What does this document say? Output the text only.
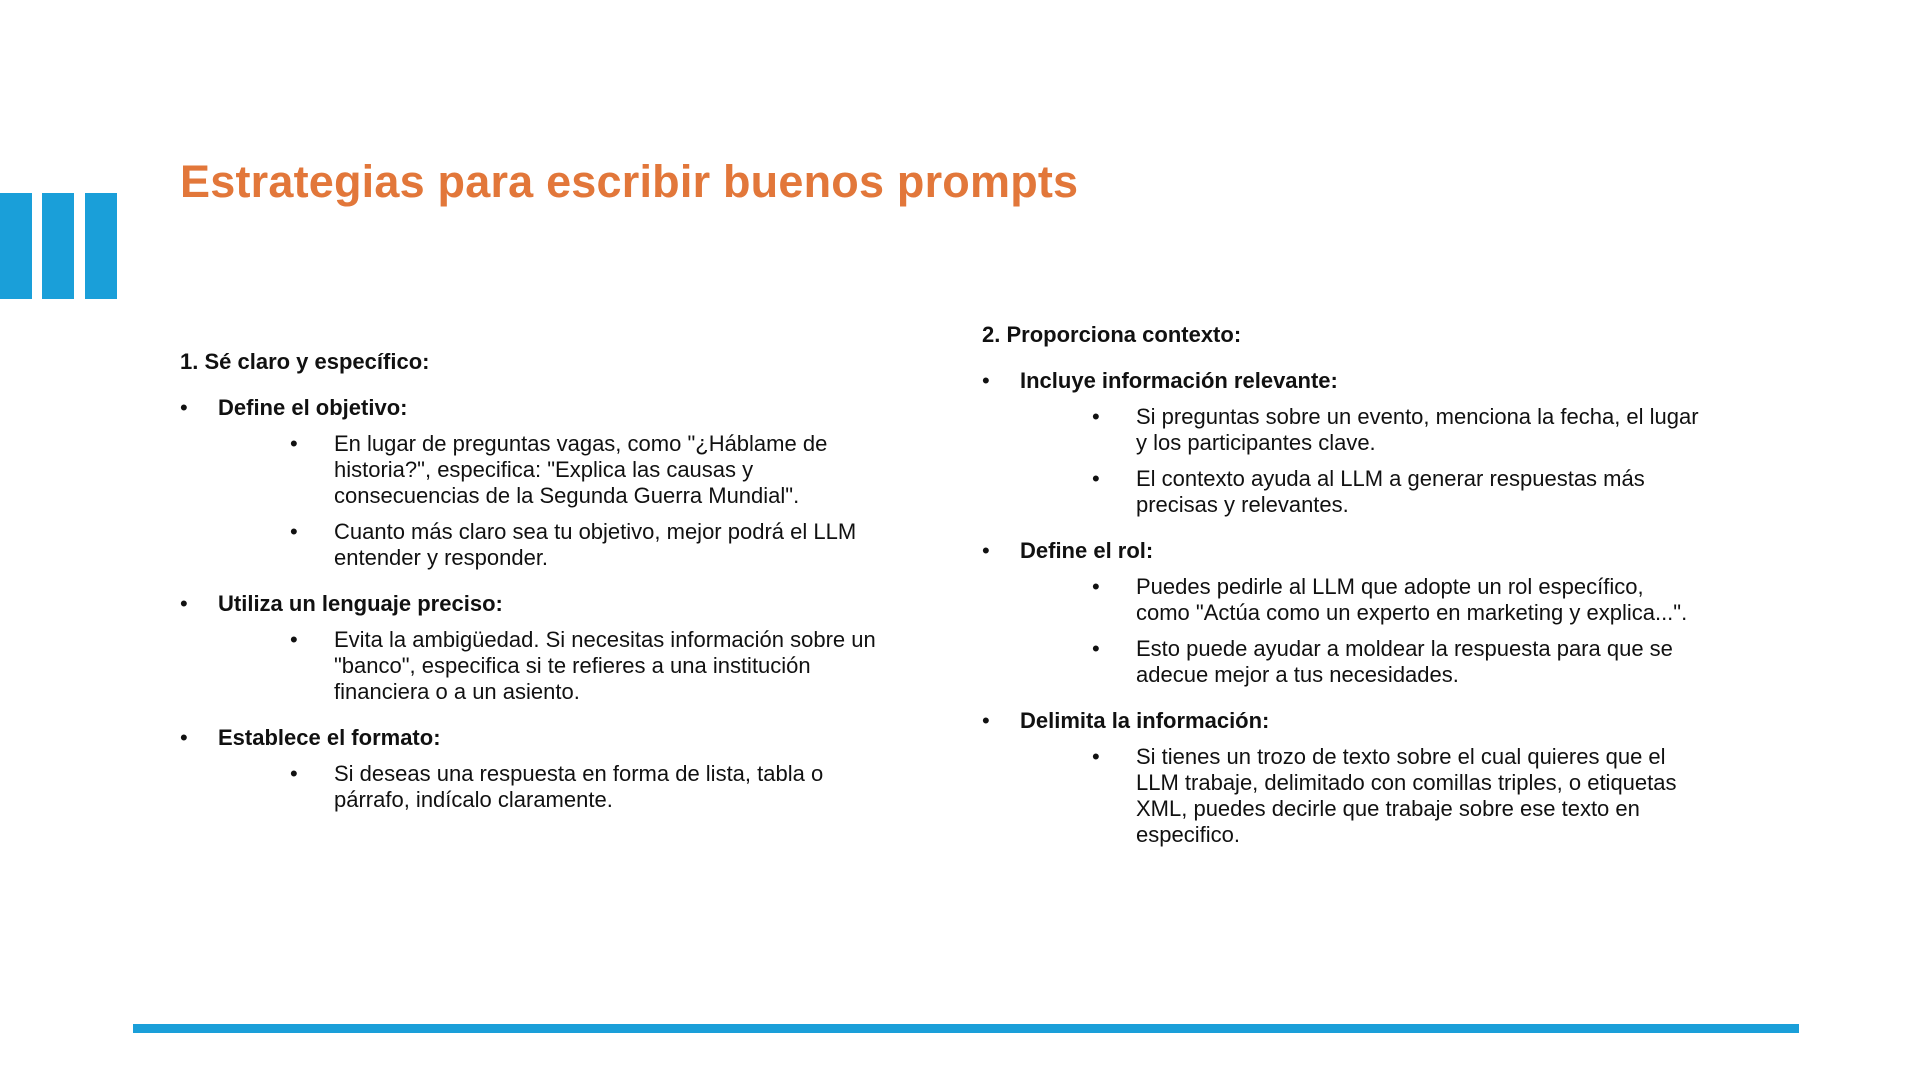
Estrategias para escribir buenos prompts

1. Sé claro y específico:

• Define el objetivo:

• En lugar de preguntas vagas, como "¿Háblame de historia?", especifica: "Explica las causas y consecuencias de la Segunda Guerra Mundial".
• Cuanto más claro sea tu objetivo, mejor podrá el LLM entender y responder.

• Utiliza un lenguaje preciso:

• Evita la ambigüedad. Si necesitas información sobre un "banco", especifica si te refieres a una institución financiera o a un asiento.

• Establece el formato:

• Si deseas una respuesta en forma de lista, tabla o párrafo, indícalo claramente.

2. Proporciona contexto:

• Incluye información relevante:

• Si preguntas sobre un evento, menciona la fecha, el lugar y los participantes clave.
• El contexto ayuda al LLM a generar respuestas más precisas y relevantes.

• Define el rol:

• Puedes pedirle al LLM que adopte un rol específico, como "Actúa como un experto en marketing y explica...".
• Esto puede ayudar a moldear la respuesta para que se adecue mejor a tus necesidades.

• Delimita la información:

• Si tienes un trozo de texto sobre el cual quieres que el LLM trabaje, delimitado con comillas triples, o etiquetas XML, puedes decirle que trabaje sobre ese texto en especifico.
